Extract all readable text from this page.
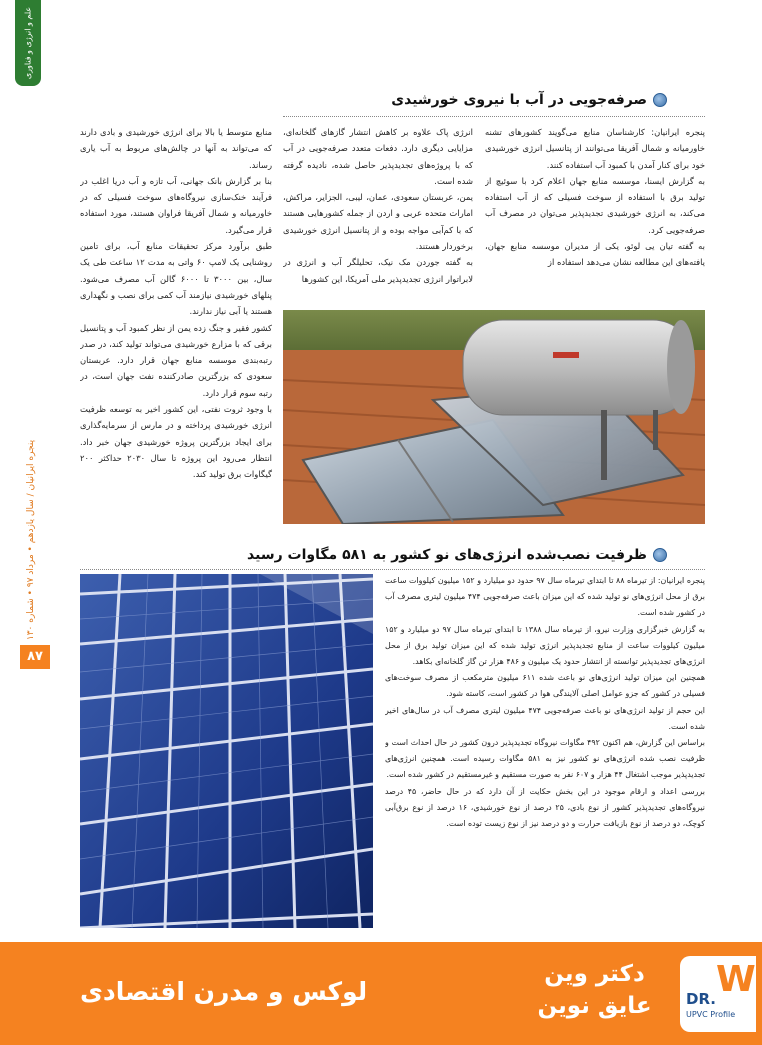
علم و انرژی و فناوری
پنجره ایرانیان / سال یازدهم • مرداد ۹۷ • شماره ۱۳۰
۸۷
صرفه‌جویی در آب با نیروی خورشیدی

پنجره ایرانیان: کارشناسان منابع می‌گویند کشورهای تشنه خاورمیانه و شمال آفریقا می‌توانند از پتانسیل انرژی خورشیدی خود برای کنار آمدن با کمبود آب استفاده کنند.

به گزارش ایسنا، موسسه منابع جهان اعلام کرد با سوئیچ از تولید برق با استفاده از سوخت فسیلی که از آب استفاده می‌کند، به انرژی خورشیدی تجدیدپذیر می‌توان در مصرف آب صرفه‌جویی کرد.

به گفته تیان یی لوئو، یکی از مدیران موسسه منابع جهان، یافته‌های این مطالعه نشان می‌دهد استفاده از

انرژی پاک علاوه بر کاهش انتشار گازهای گلخانه‌ای، مزایایی دیگری دارد. دفعات متعدد صرفه‌جویی در آب که با پروژه‌های تجدیدپذیر حاصل شده، نادیده گرفته شده است.

یمن، عربستان سعودی، عمان، لیبی، الجزایر، مراکش، امارات متحده عربی و اردن از جمله کشورهایی هستند که با کم‌آبی مواجه بوده و از پتانسیل انرژی خورشیدی برخوردار هستند.

به گفته جوردن مک نیک، تحلیلگر آب و انرژی در لابراتوار انرژی تجدیدپذیر ملی آمریکا، این کشورها

منابع متوسط یا بالا برای انرژی خورشیدی و بادی دارند که می‌تواند به آنها در چالش‌های مربوط به آب یاری رساند.

بنا بر گزارش بانک جهانی، آب تازه و آب دریا اغلب در فرآیند خنک‌سازی نیروگاه‌های سوخت فسیلی که در خاورمیانه و شمال آفریقا فراوان هستند، مورد استفاده قرار می‌گیرد.

طبق برآورد مرکز تحقیقات منابع آب، برای تامین روشنایی یک لامپ ۶۰ واتی به مدت ۱۲ ساعت طی یک سال، بین ۳۰۰۰ تا ۶۰۰۰ گالن آب مصرف می‌شود. پنلهای خورشیدی نیازمند آب کمی برای نصب و نگهداری هستند یا آبی نیاز ندارند.

کشور فقیر و جنگ زده یمن از نظر کمبود آب و پتانسیل برقی که با مزارع خورشیدی می‌تواند تولید کند، در صدر رتبه‌بندی موسسه منابع جهان قرار دارد. عربستان سعودی که بزرگترین صادرکننده نفت جهان است، در رتبه سوم قرار دارد.

با وجود ثروت نفتی، این کشور اخیر به توسعه ظرفیت انرژی خورشیدی پرداخته و در مارس از سرمایه‌گذاری برای ایجاد بزرگترین پروژه خورشیدی جهان خبر داد. انتظار می‌رود این پروژه تا سال ۲۰۳۰ حداکثر ۲۰۰ گیگاوات برق تولید کند.

ظرفیت نصب‌شده انرژی‌های نو کشور به ۵۸۱ مگاوات رسید

پنجره ایرانیان: از تیرماه ۸۸ تا ابتدای تیرماه سال ۹۷ حدود دو میلیارد و ۱۵۲ میلیون کیلووات ساعت برق از محل انرژی‌های نو تولید شده که این میزان باعث صرفه‌جویی ۴۷۴ میلیون لیتری مصرف آب در کشور شده است.

به گزارش خبرگزاری وزارت نیرو، از تیرماه سال ۱۳۸۸ تا ابتدای تیرماه سال ۹۷ دو میلیارد و ۱۵۲ میلیون کیلووات ساعت از منابع تجدیدپذیر انرژی تولید شده که این میزان تولید برق از محل انرژی‌های تجدیدپذیر توانسته از انتشار حدود یک میلیون و ۴۸۶ هزار تن گاز گلخانه‌ای بکاهد.

همچنین این میزان تولید انرژی‌های نو باعث شده ۶۱۱ میلیون مترمکعب از مصرف سوخت‌های فسیلی در کشور که جزو عوامل اصلی آلایندگی هوا در کشور است، کاسته شود.

این حجم از تولید انرژی‌های نو باعث صرفه‌جویی ۴۷۴ میلیون لیتری مصرف آب در سال‌های اخیر شده است.

براساس این گزارش، هم اکنون ۴۹۲ مگاوات نیروگاه تجدیدپذیر درون کشور در حال احداث است و ظرفیت نصب شده انرژی‌های نو کشور نیز به ۵۸۱ مگاوات رسیده است. همچنین انرژی‌های تجدیدپذیر موجب اشتغال ۴۴ هزار و ۶۰۷ نفر به صورت مستقیم و غیرمستقیم در کشور شده است.

بررسی اعداد و ارقام موجود در این بخش حکایت از آن دارد که در حال حاضر، ۴۵ درصد نیروگاه‌های تجدیدپذیر کشور از نوع بادی، ۲۵ درصد از نوع خورشیدی، ۱۶ درصد از نوع برق‌آبی کوچک، دو درصد از نوع بازیافت حرارت و دو درصد نیز از نوع زیست توده است.

لوکس و مدرن اقتصادی
دکتر وین
عایق نوین
W
DR.
UPVC Profile
